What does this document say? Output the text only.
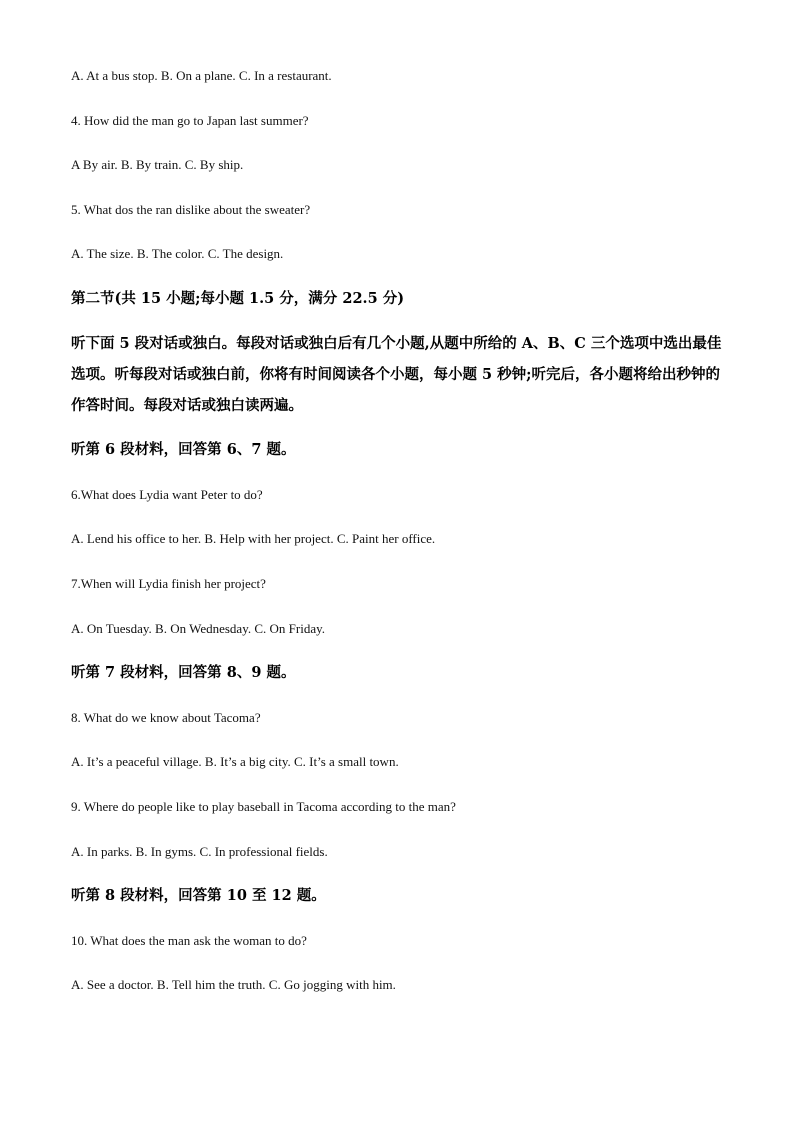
A. At a bus stop. B. On a plane. C. In a restaurant.
4. How did the man go to Japan last summer?
A By air. B. By train. C. By ship.
5. What dos the ran dislike about the sweater?
A. The size. B. The color. C. The design.
第二节(共 15 小题;每小题 1.5 分，满分 22.5 分)
听下面 5 段对话或独白。每段对话或独白后有几个小题,从题中所给的 A、B、C 三个选项中选出最佳选项。听每段对话或独白前，你将有时间阅读各个小题，每小题 5 秒钟;听完后，各小题将给出秒钟的作答时间。每段对话或独白读两遍。
听第 6 段材料，回答第 6、7 题。
6.What does Lydia want Peter to do?
A. Lend his office to her. B. Help with her project. C. Paint her office.
7.When will Lydia finish her project?
A. On Tuesday. B. On Wednesday. C. On Friday.
听第 7 段材料，回答第 8、9 题。
8. What do we know about Tacoma?
A. It’s a peaceful village. B. It’s a big city. C. It’s a small town.
9. Where do people like to play baseball in Tacoma according to the man?
A. In parks. B. In gyms. C. In professional fields.
听第 8 段材料，回答第 10 至 12 题。
10. What does the man ask the woman to do?
A. See a doctor. B. Tell him the truth. C. Go jogging with him.
